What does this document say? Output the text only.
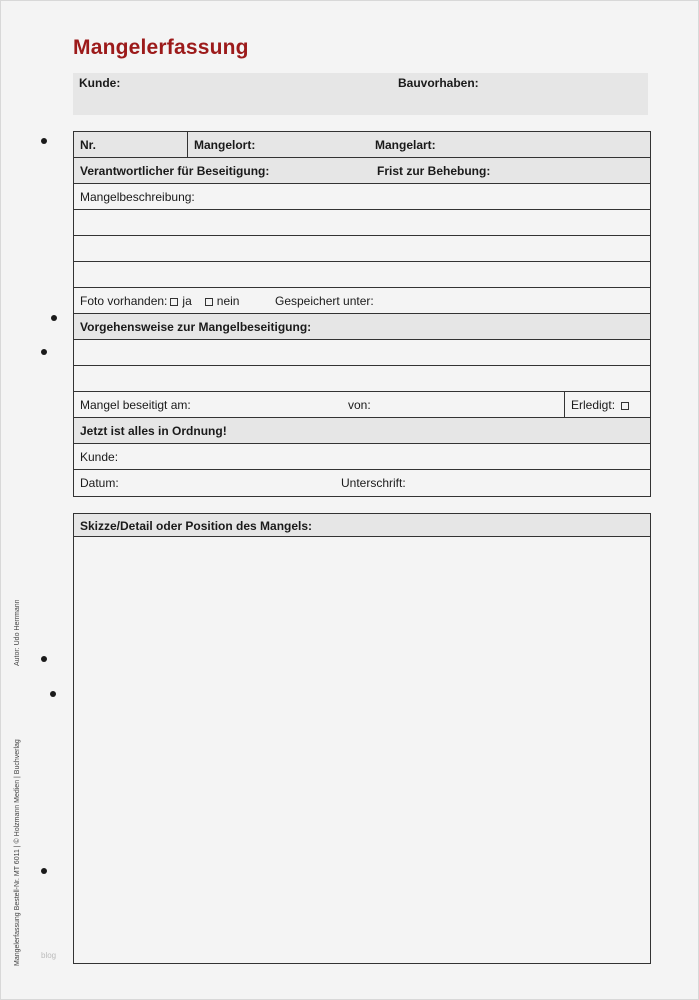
Mangelerfassung
Kunde:	Bauvorhaben:
Nr.	Mangelort:	Mangelart:
Verantwortlicher für Beseitigung:	Frist zur Behebung:
Mangelbeschreibung:
Foto vorhanden: ja nein	Gespeichert unter:
Vorgehensweise zur Mangelbeseitigung:
Mangel beseitigt am:	von:	Erledigt:
Jetzt ist alles in Ordnung!
Kunde:
Datum:	Unterschrift:
Skizze/Detail oder Position des Mangels:
Autor: Udo Herrmann
Mangelerfassung Bestell-Nr. MT 6011 | © Holzmann Medien | Buchverlag	blog
